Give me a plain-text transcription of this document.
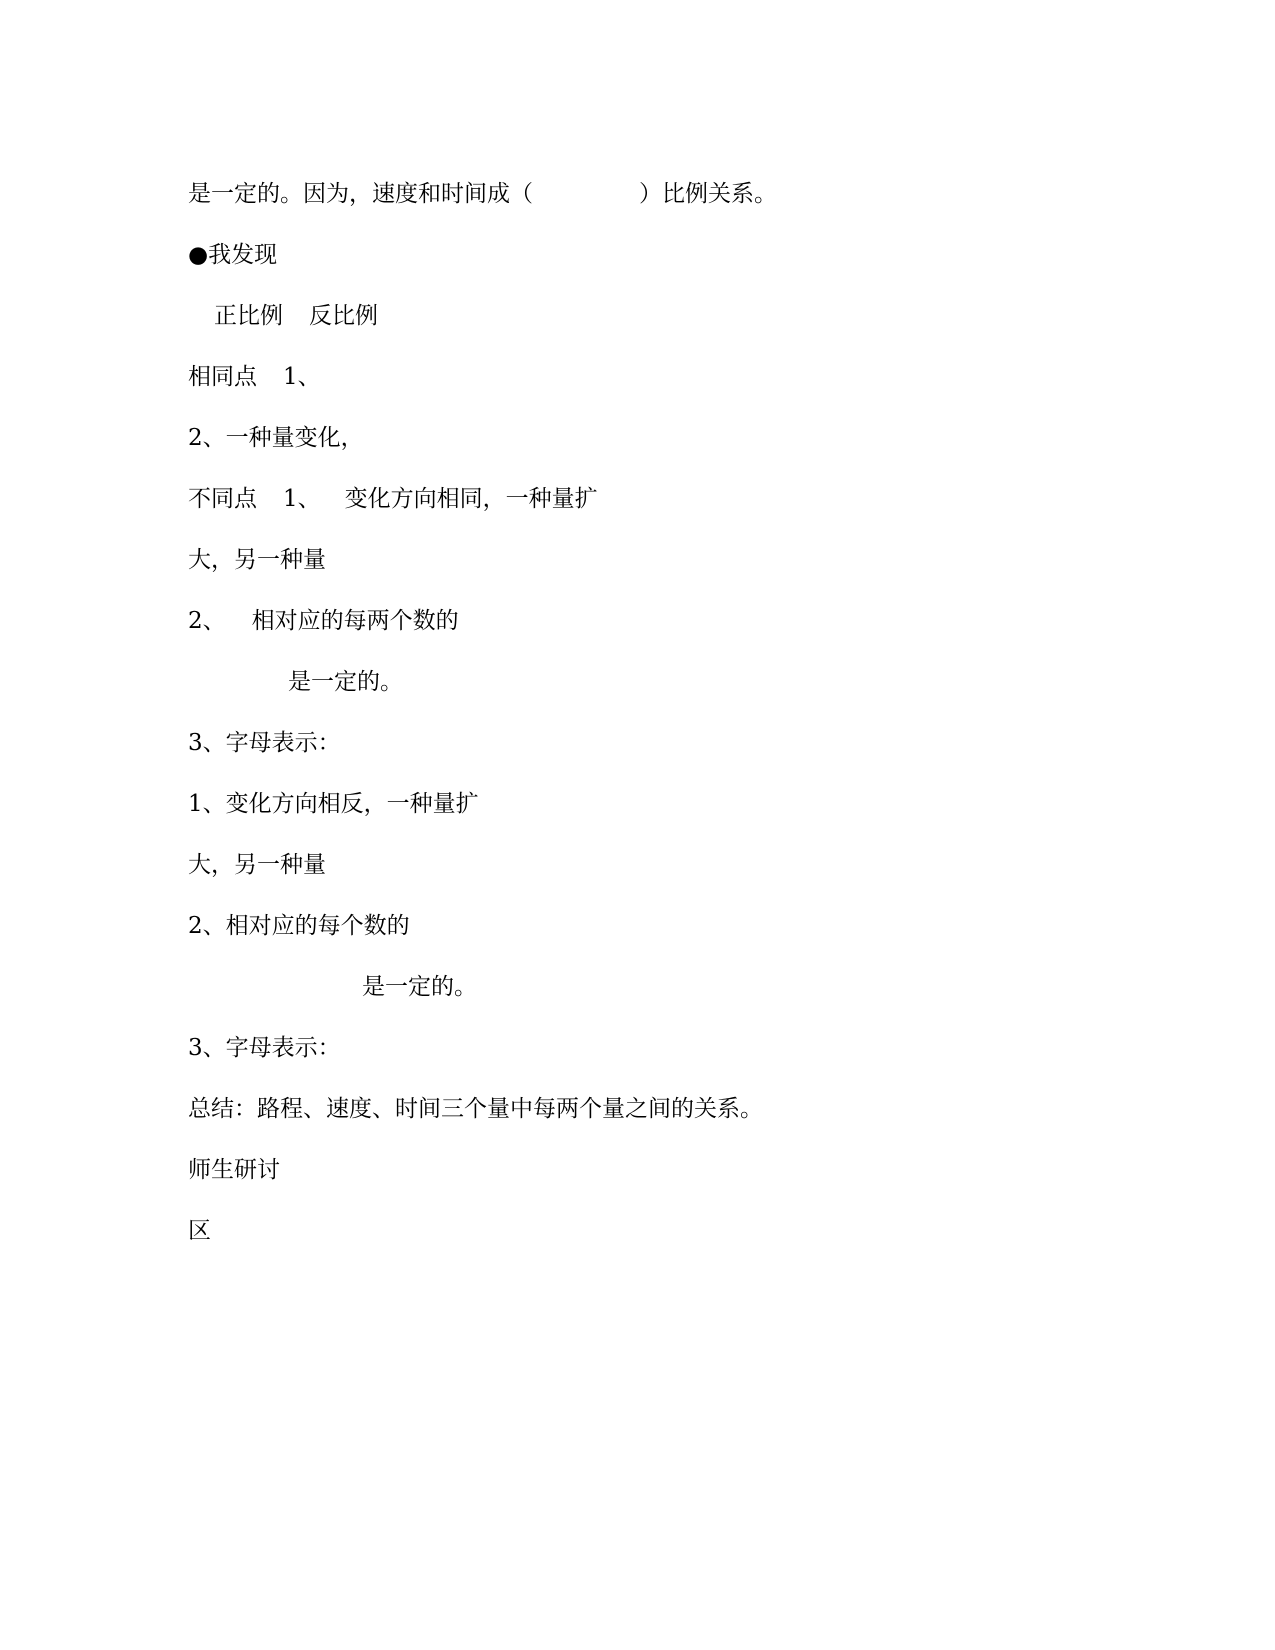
是一定的。因为，速度和时间成（	）比例关系。
●我发现
正比例 反比例
相同点 1、
2、一种量变化，
不同点 1、 变化方向相同，一种量扩
大，另一种量
2、 相对应的每两个数的
是一定的。
3、字母表示：
1、变化方向相反，一种量扩
大，另一种量
2、相对应的每个数的
是一定的。
3、字母表示：
总结：路程、速度、时间三个量中每两个量之间的关系。
师生研讨
区
